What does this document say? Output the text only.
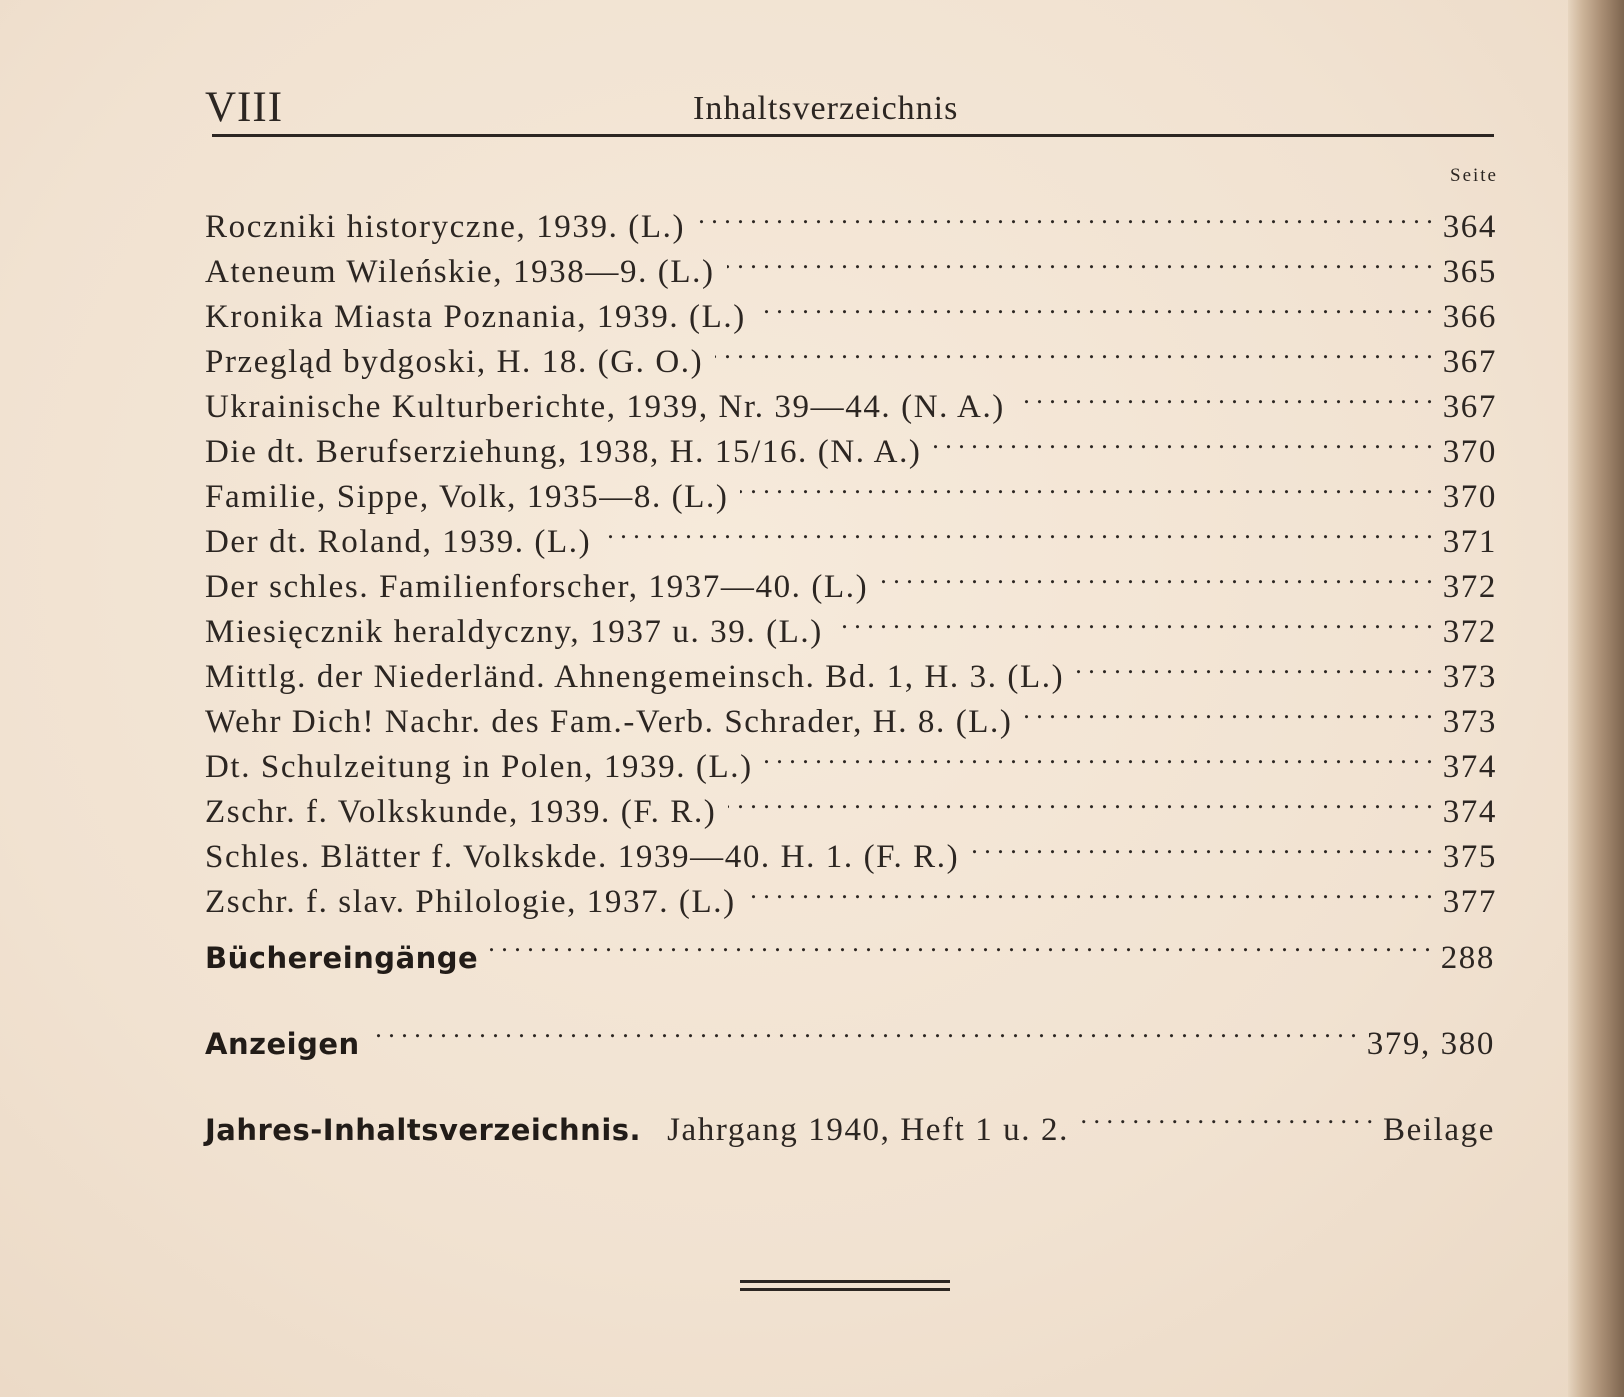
VIII	Inhaltsverzeichnis
Seite
Roczniki historyczne, 1939. (L.) . . .	364
Ateneum Wileńskie, 1938—9. (L.) . . .	365
Kronika Miasta Poznania, 1939. (L.) . . .	366
Przegląd bydgoski, H. 18. (G. O.) . . .	367
Ukrainische Kulturberichte, 1939, Nr. 39—44. (N. A.) . . .	367
Die dt. Berufserziehung, 1938, H. 15/16. (N. A.) . . .	370
Familie, Sippe, Volk, 1935—8. (L.) . . .	370
Der dt. Roland, 1939. (L.) . . .	371
Der schles. Familienforscher, 1937—40. (L.) . . .	372
Miesięcznik heraldyczny, 1937 u. 39. (L.) . . .	372
Mittlg. der Niederländ. Ahnengemeinsch. Bd. 1, H. 3. (L.) . . .	373
Wehr Dich! Nachr. des Fam.-Verb. Schrader, H. 8. (L.) . . .	373
Dt. Schulzeitung in Polen, 1939. (L.) . . .	374
Zschr. f. Volkskunde, 1939. (F. R.) . . .	374
Schles. Blätter f. Volkskde. 1939—40. H. 1. (F. R.) . . .	375
Zschr. f. slav. Philologie, 1937. (L.) . . .	377
Büchereingänge . . .	288
Anzeigen . . .	379, 380
Jahres-Inhaltsverzeichnis. Jahrgang 1940, Heft 1 u. 2. . . .	Beilage
